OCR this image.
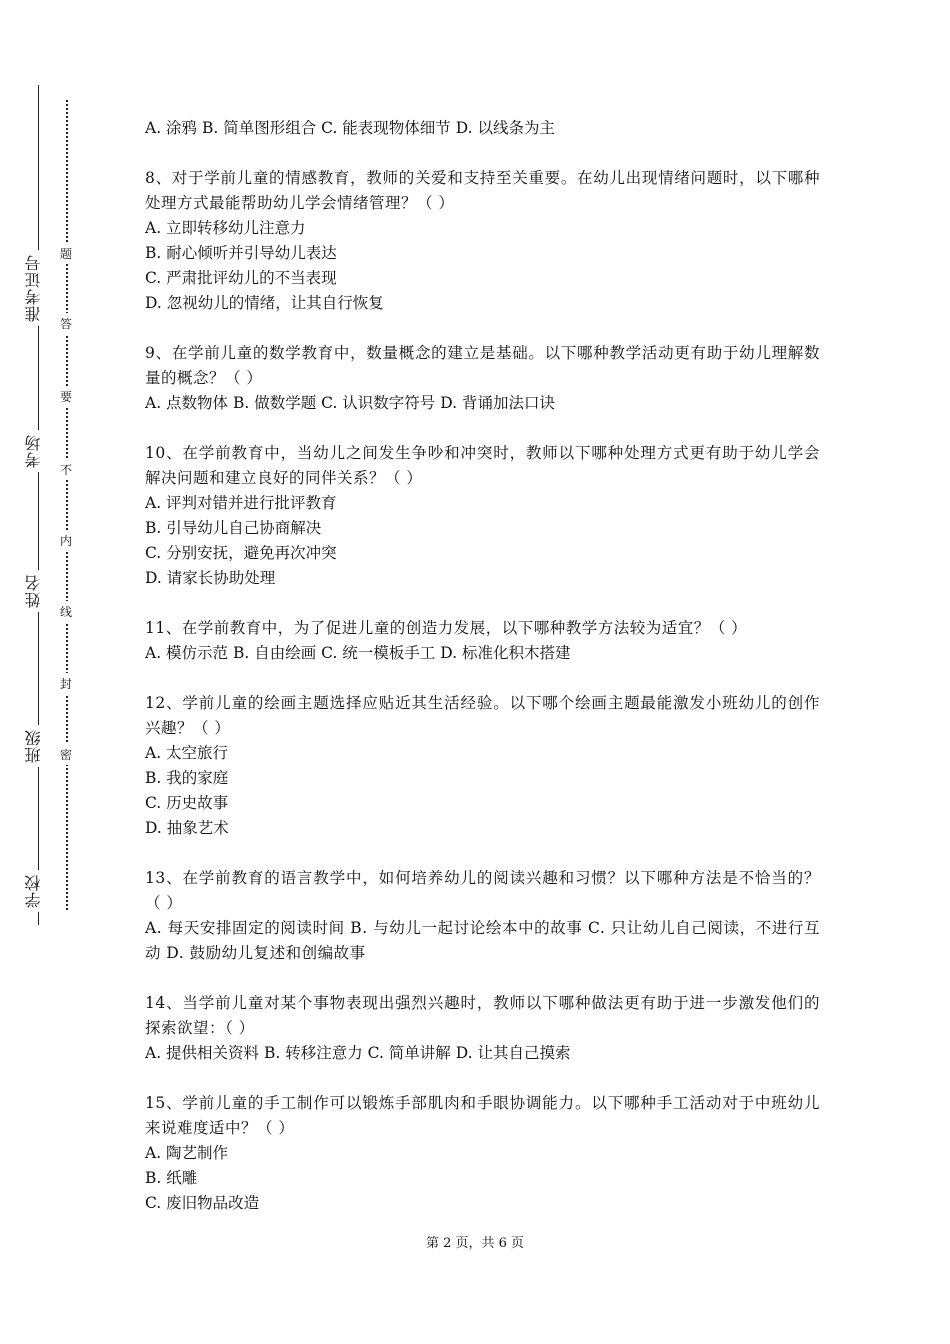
准考证号
考场
姓名
班级
学校
题
答
要
不
内
线
封
密
A. 涂鸦 B. 简单图形组合 C. 能表现物体细节 D. 以线条为主
8、对于学前儿童的情感教育，教师的关爱和支持至关重要。在幼儿出现情绪问题时，以下哪种处理方式最能帮助幼儿学会情绪管理？（ ）
A. 立即转移幼儿注意力
B. 耐心倾听并引导幼儿表达
C. 严肃批评幼儿的不当表现
D. 忽视幼儿的情绪，让其自行恢复
9、在学前儿童的数学教育中，数量概念的建立是基础。以下哪种教学活动更有助于幼儿理解数量的概念？（ ）
A. 点数物体 B. 做数学题 C. 认识数字符号 D. 背诵加法口诀
10、在学前教育中，当幼儿之间发生争吵和冲突时，教师以下哪种处理方式更有助于幼儿学会解决问题和建立良好的同伴关系？（ ）
A. 评判对错并进行批评教育
B. 引导幼儿自己协商解决
C. 分别安抚，避免再次冲突
D. 请家长协助处理
11、在学前教育中，为了促进儿童的创造力发展，以下哪种教学方法较为适宜？（ ）
A. 模仿示范 B. 自由绘画 C. 统一模板手工 D. 标准化积木搭建
12、学前儿童的绘画主题选择应贴近其生活经验。以下哪个绘画主题最能激发小班幼儿的创作兴趣？（ ）
A. 太空旅行
B. 我的家庭
C. 历史故事
D. 抽象艺术
13、在学前教育的语言教学中，如何培养幼儿的阅读兴趣和习惯？以下哪种方法是不恰当的？（ ）
A. 每天安排固定的阅读时间 B. 与幼儿一起讨论绘本中的故事 C. 只让幼儿自己阅读，不进行互动 D. 鼓励幼儿复述和创编故事
14、当学前儿童对某个事物表现出强烈兴趣时，教师以下哪种做法更有助于进一步激发他们的探索欲望：（ ）
A. 提供相关资料 B. 转移注意力 C. 简单讲解 D. 让其自己摸索
15、学前儿童的手工制作可以锻炼手部肌肉和手眼协调能力。以下哪种手工活动对于中班幼儿来说难度适中？（ ）
A. 陶艺制作
B. 纸雕
C. 废旧物品改造
第 2 页，共 6 页
